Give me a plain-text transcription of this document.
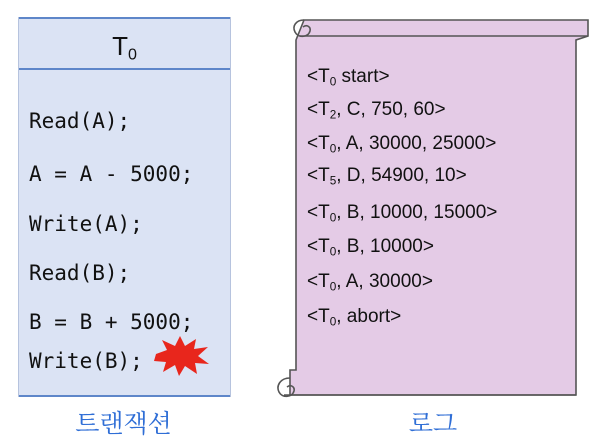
$T_0$
Read(A);
A = A - 5000;
Write(A);
Read(B);
B = B + 5000;
Write(B);
트랜잭션
$<T_0$ start>
$<T_2$, C, 750, 60>
$<T_0$, A, 30000, 25000>
$<T_5$, D, 54900, 10>
$<T_0$, B, 10000, 15000>
$<T_0$, B, 10000>
$<T_0$, A, 30000>
$<T_0$, abort>
로그
